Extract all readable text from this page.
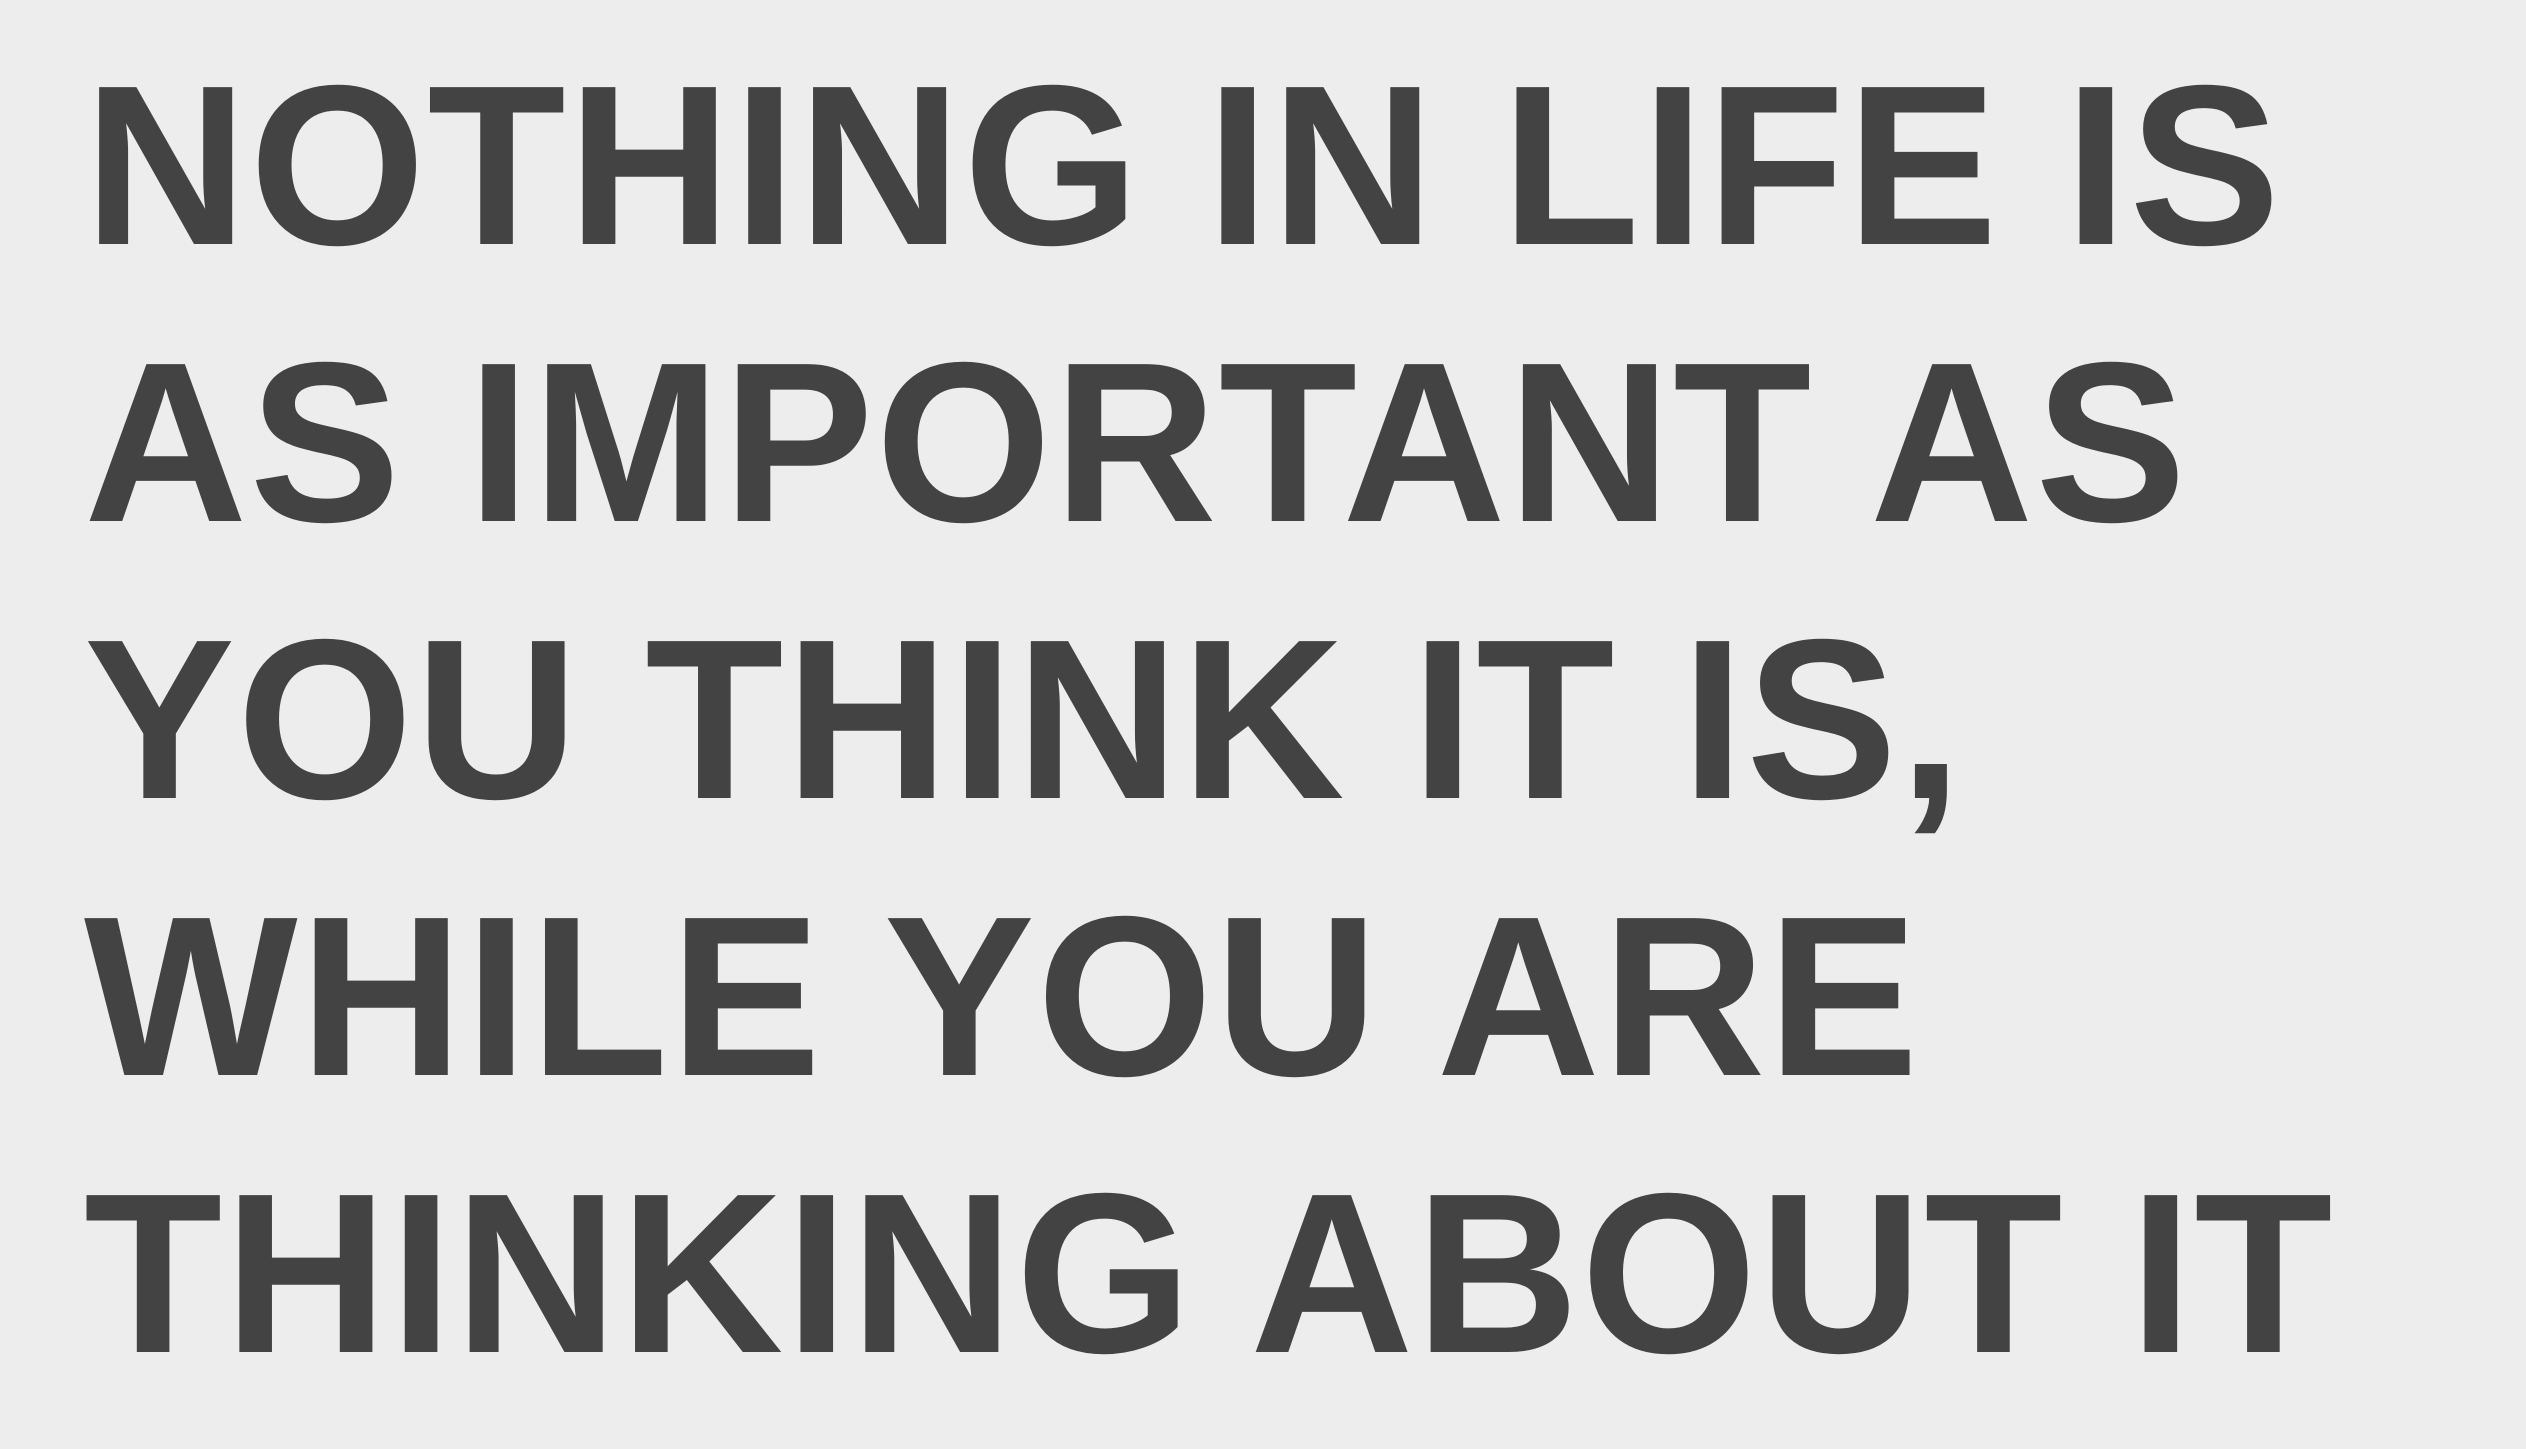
NOTHING IN LIFE IS
AS IMPORTANT AS
YOU THINK IT IS,
WHILE YOU ARE
THINKING ABOUT IT
